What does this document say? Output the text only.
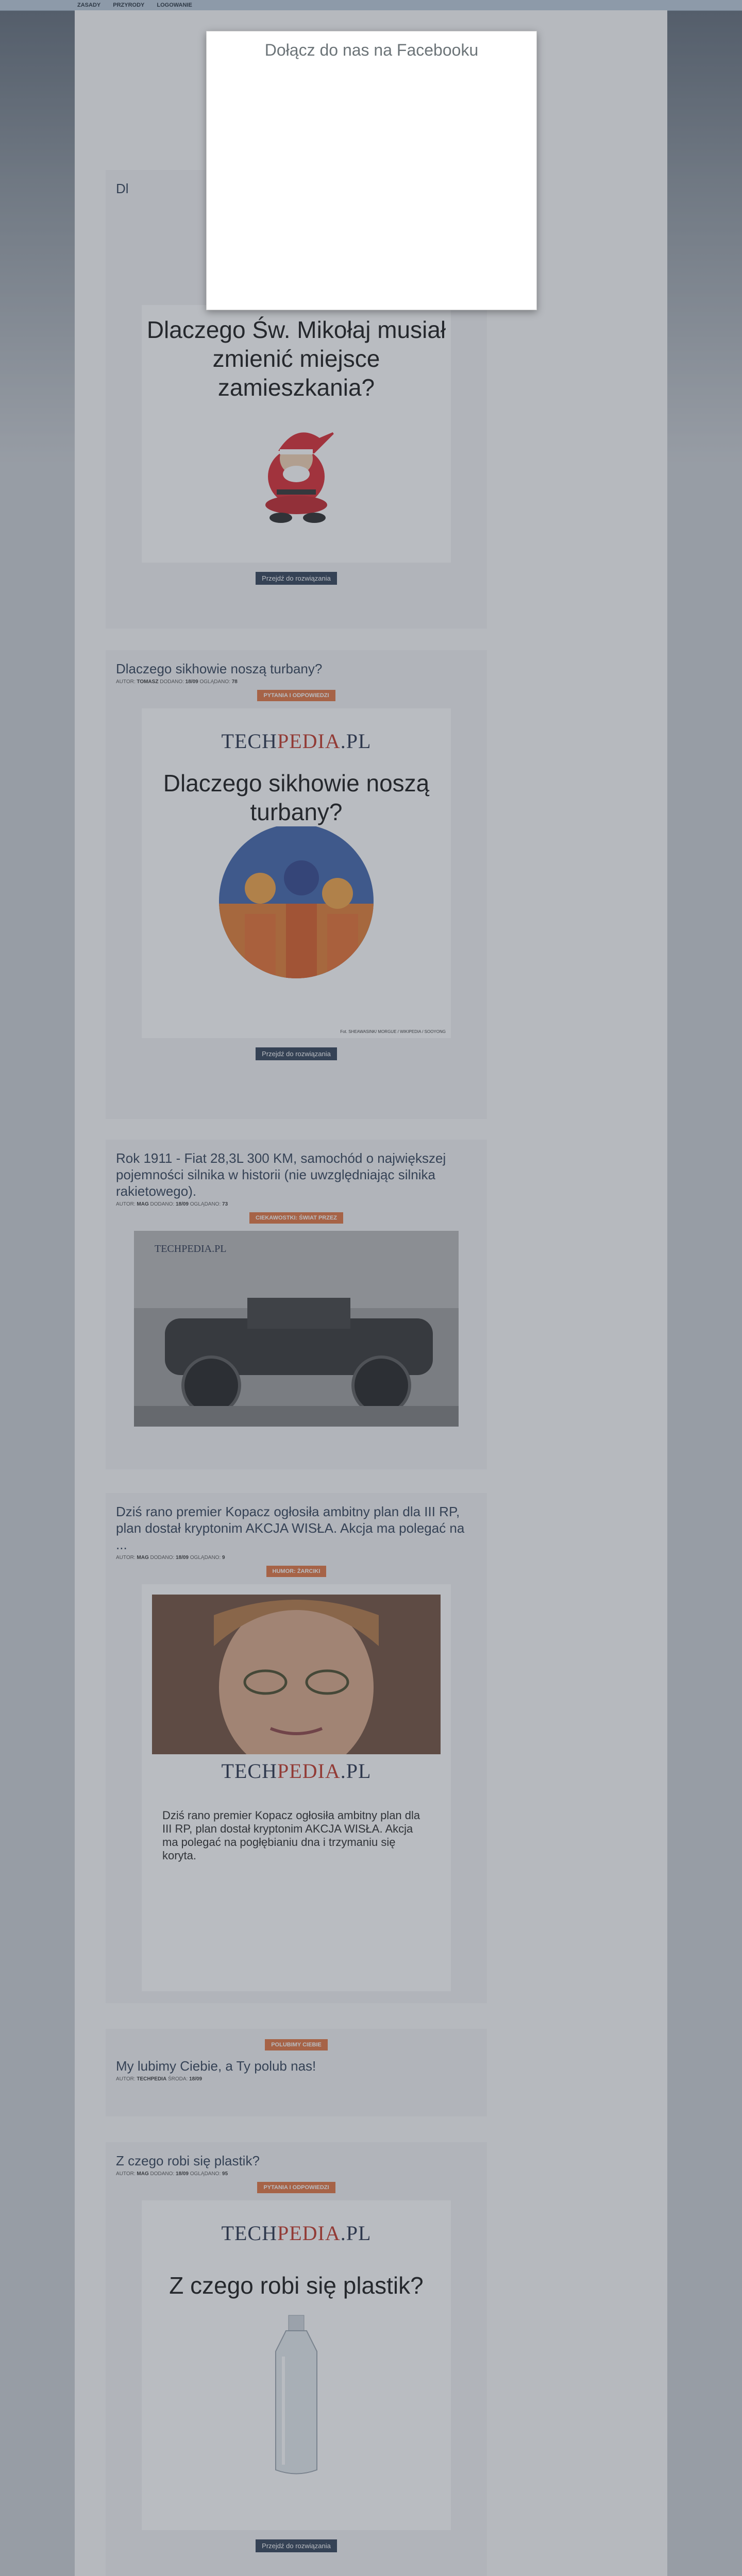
ZASADY PRZYRODY LOGOWANIE
Dl
Dlaczego Św. Mikołaj musiał zmienić miejsce zamieszkania?
Przejdź do rozwiązania
Dlaczego sikhowie noszą turbany?
AUTOR: TOMASZ DODANO: 18/09 OGLĄDANO: 78
PYTANIA I ODPOWIEDZI
TECHPEDIA.PL
Dlaczego sikhowie noszą turbany?
Fot. SHEAWASINK/ MORGUE / WIKIPEDIA / SOOYONG
Przejdź do rozwiązania
Rok 1911 - Fiat 28,3L 300 KM, samochód o największej pojemności silnika w historii (nie uwzględniając silnika rakietowego).
AUTOR: MAG DODANO: 18/09 OGLĄDANO: 73
CIEKAWOSTKI: ŚWIAT PRZEZ
TECHPEDIA.PL
Dziś rano premier Kopacz ogłosiła ambitny plan dla III RP, plan dostał kryptonim AKCJA WISŁA. Akcja ma polegać na ...
AUTOR: MAG DODANO: 18/09 OGLĄDANO: 9
HUMOR: ŻARCIKI
TECHPEDIA.PL
Dziś rano premier Kopacz ogłosiła ambitny plan dla III RP, plan dostał kryptonim AKCJA WISŁA. Akcja ma polegać na pogłębianiu dna i trzymaniu się koryta.
POLUBIMY CIEBIE
My lubimy Ciebie, a Ty polub nas!
AUTOR: TECHPEDIA ŚRODA: 18/09
Z czego robi się plastik?
AUTOR: MAG DODANO: 18/09 OGLĄDANO: 95
PYTANIA I ODPOWIEDZI
TECHPEDIA.PL
Z czego robi się plastik?
Przejdź do rozwiązania
Dołącz do nas na Facebooku
